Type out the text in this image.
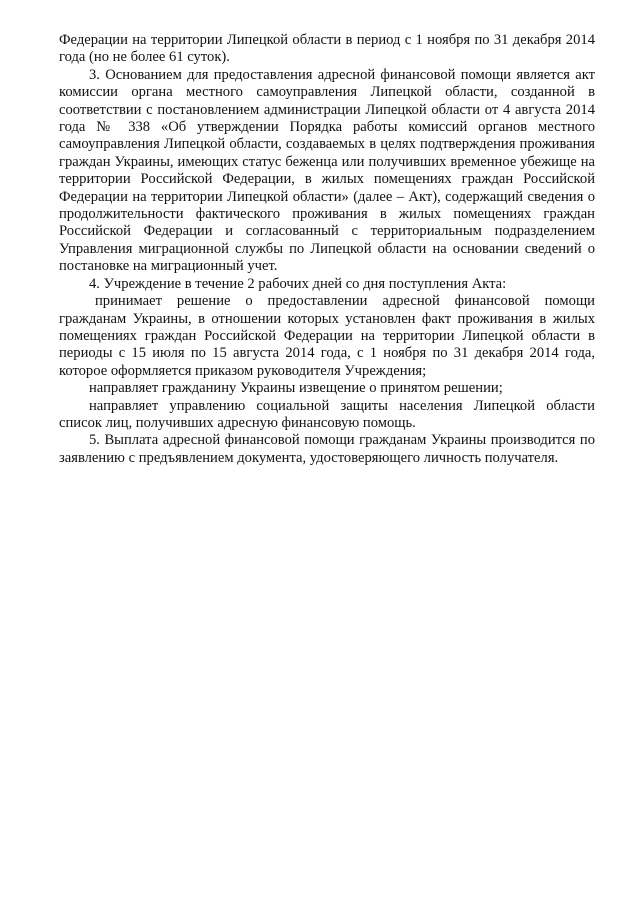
Федерации на территории Липецкой области в период с 1 ноября по 31 декабря 2014 года (но не более 61 суток).

3. Основанием для предоставления адресной финансовой помощи является акт комиссии органа местного самоуправления Липецкой области, созданной в соответствии с постановлением администрации Липецкой области от 4 августа 2014 года № 338 «Об утверждении Порядка работы комиссий органов местного самоуправления Липецкой области, создаваемых в целях подтверждения проживания граждан Украины, имеющих статус беженца или получивших временное убежище на территории Российской Федерации, в жилых помещениях граждан Российской Федерации на территории Липецкой области» (далее – Акт), содержащий сведения о продолжительности фактического проживания в жилых помещениях граждан Российской Федерации и согласованный с территориальным подразделением Управления миграционной службы по Липецкой области на основании сведений о постановке на миграционный учет.

4. Учреждение в течение 2 рабочих дней со дня поступления Акта:

принимает решение о предоставлении адресной финансовой помощи гражданам Украины, в отношении которых установлен факт проживания в жилых помещениях граждан Российской Федерации на территории Липецкой области в периоды с 15 июля по 15 августа 2014 года, с 1 ноября по 31 декабря 2014 года, которое оформляется приказом руководителя Учреждения;

направляет гражданину Украины извещение о принятом решении;

направляет управлению социальной защиты населения Липецкой области список лиц, получивших адресную финансовую помощь.

5. Выплата адресной финансовой помощи гражданам Украины производится по заявлению с предъявлением документа, удостоверяющего личность получателя.
